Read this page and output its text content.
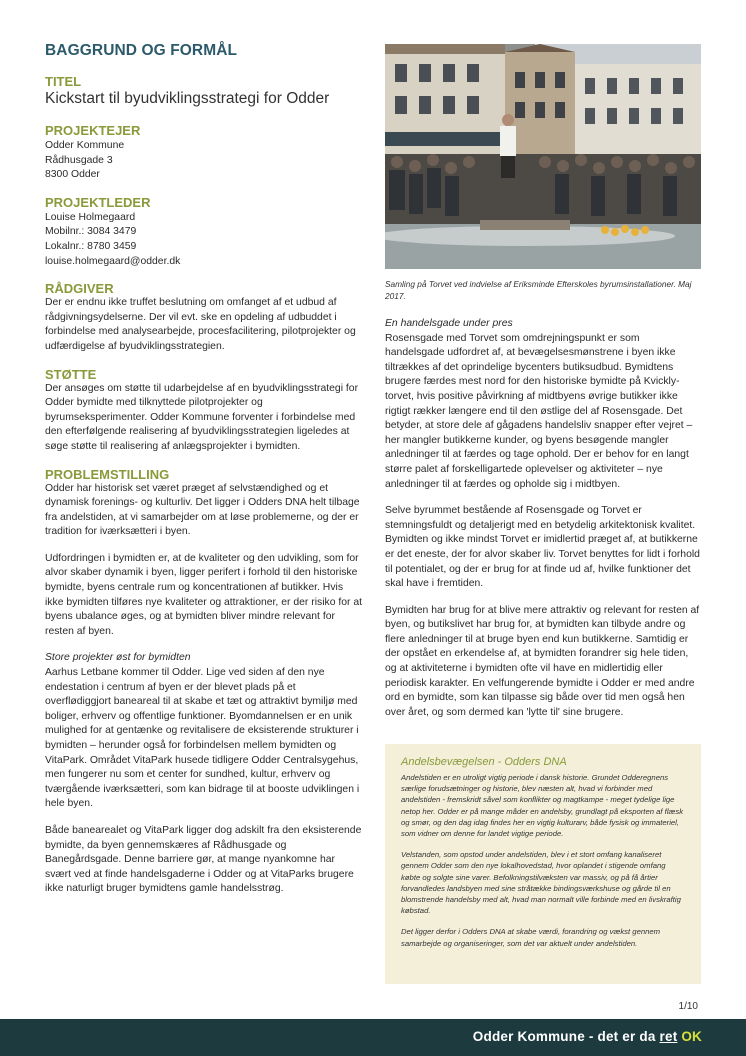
BAGGRUND OG FORMÅL
TITEL
Kickstart til byudviklingsstrategi for Odder
PROJEKTEJER
Odder Kommune
Rådhusgade 3
8300 Odder
PROJEKTLEDER
Louise Holmegaard
Mobilnr.: 3084 3479
Lokalnr.: 8780 3459
louise.holmegaard@odder.dk
RÅDGIVER

Der er endnu ikke truffet beslutning om omfanget af et udbud af rådgivningsydelserne. Der vil evt. ske en opdeling af udbuddet i forbindelse med analysearbejde, procesfacilitering, pilotprojekter og udfærdigelse af byudviklingsstrategien.

STØTTE

Der ansøges om støtte til udarbejdelse af en byudviklingsstrategi for Odder bymidte med tilknyttede pilotprojekter og byrumseksperimenter. Odder Kommune forventer i forbindelse med den efterfølgende realisering af byudviklingsstrategien ligeledes at søge støtte til realisering af anlægsprojekter i bymidten.

PROBLEMSTILLING

Odder har historisk set været præget af selvstændighed og et dynamisk forenings- og kulturliv. Det ligger i Odders DNA helt tilbage fra andelstiden, at vi samarbejder om at løse problemerne, og der er tradition for iværksætteri i byen.

Udfordringen i bymidten er, at de kvaliteter og den udvikling, som for alvor skaber dynamik i byen, ligger perifert i forhold til den historiske bymidte, byens centrale rum og koncentrationen af butikker. Hvis ikke bymidten tilføres nye kvaliteter og attraktioner, er der risiko for at byens ubalance øges, og at bymidten bliver mindre relevant for resten af byen.

Store projekter øst for bymidten

Aarhus Letbane kommer til Odder. Lige ved siden af den nye endestation i centrum af byen er der blevet plads på et overflødiggjort baneareal til at skabe et tæt og attraktivt bymiljø med boliger, erhverv og offentlige funktioner. Byomdannelsen er en unik mulighed for at gentænke og revitalisere de eksisterende strukturer i bymidten – herunder også for forbindelsen mellem bymidten og VitaPark. Området VitaPark husede tidligere Odder Centralsygehus, men fungerer nu som et center for sundhed, kultur, erhverv og tværgående iværksætteri, som kan bidrage til at booste udviklingen i hele byen.

Både banearealet og VitaPark ligger dog adskilt fra den eksisterende bymidte, da byen gennemskæres af Rådhusgade og Banegårdsgade. Denne barriere gør, at mange nyankomne har svært ved at finde handelsgaderne i Odder og at VitaParks brugere ikke naturligt bruger bymidtens gamle handelsstrøg.

Samling på Torvet ved indvielse af Eriksminde Efterskoles byrumsinstallationer. Maj 2017.

En handelsgade under pres

Rosensgade med Torvet som omdrejningspunkt er som handelsgade udfordret af, at bevægelsesmønstrene i byen ikke tiltrækkes af det oprindelige bycenters butiksudbud. Bymidtens brugere færdes mest nord for den historiske bymidte på Kvickly-torvet, hvis positive påvirkning af midtbyens øvrige butikker ikke rigtigt rækker længere end til den østlige del af Rosensgade. Det betyder, at store dele af gågadens handelsliv snapper efter vejret – her mangler butikkerne kunder, og byens besøgende mangler anledninger til at færdes og tage ophold. Der er behov for en langt større palet af forskelligartede oplevelser og aktiviteter – nye anledninger til at færdes og opholde sig i midtbyen.

Selve byrummet bestående af Rosensgade og Torvet er stemningsfuldt og detaljerigt med en betydelig arkitektonisk kvalitet. Bymidten og ikke mindst Torvet er imidlertid præget af, at butikkerne er det eneste, der for alvor skaber liv. Torvet benyttes for lidt i forhold til potentialet, og der er brug for at finde ud af, hvilke funktioner det skal have i fremtiden.

Bymidten har brug for at blive mere attraktiv og relevant for resten af byen, og butikslivet har brug for, at bymidten kan tilbyde andre og flere anledninger til at bruge byen end kun butikkerne. Samtidig er der opstået en erkendelse af, at bymidten forandrer sig hele tiden, og at aktiviteterne i bymidten ofte vil have en midlertidig eller periodisk karakter. En velfungerende bymidte i Odder er med andre ord en bymidte, som kan tilpasse sig både over tid men også hen over året, og som dermed kan 'lytte til' sine brugere.

Andelsbevægelsen - Odders DNA

Andelstiden er en utroligt vigtig periode i dansk historie. Grundet Odderegnens særlige forudsætninger og historie, blev næsten alt, hvad vi forbinder med andelstiden - fremskridt såvel som konflikter og magtkampe - meget tydelige lige netop her. Odder er på mange måder en andelsby, grundlagt på eksporten af flæsk og smør, og den dag idag findes her en vigtig kulturarv, både fysisk og immateriel, som vidner om denne for landet vigtige periode.

Velstanden, som opstod under andelstiden, blev i et stort omfang kanaliseret gennem Odder som den nye lokalhovedstad, hvor oplandet i stigende omfang købte og solgte sine varer. Befolkningstilvæksten var massiv, og på få årtier forvandledes landsbyen med sine stråtække bindingsværkshuse og gårde til en blomstrende handelsby med alt, hvad man normalt ville forbinde med en livskraftig købstad.

Det ligger derfor i Odders DNA at skabe værdi, forandring og vækst gennem samarbejde og organiseringer, som det var aktuelt under andelstiden.

1/10
Odder Kommune - det er da ret OK
